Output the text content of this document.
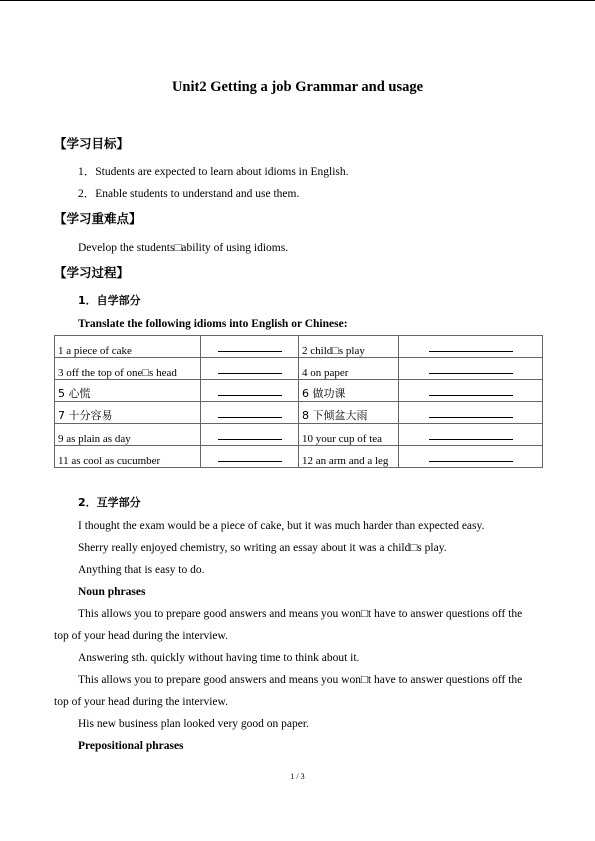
Unit2 Getting a job Grammar and usage
【学习目标】
1．Students are expected to learn about idioms in English.
2．Enable students to understand and use them.
【学习重难点】
Develop the students□ability of using idioms.
【学习过程】
1．自学部分
Translate the following idioms into English or Chinese:
1 a piece of cake		2 child□s play	
3 off the top of one□s head		4 on paper	
5 心慌		6 做功课	
7 十分容易		8 下倾盆大雨	
9 as plain as day		10 your cup of tea	
11 as cool as cucumber		12 an arm and a leg	
2．互学部分
I thought the exam would be a piece of cake, but it was much harder than expected easy.
Sherry really enjoyed chemistry, so writing an essay about it was a child□s play.
Anything that is easy to do.
Noun phrases
This allows you to prepare good answers and means you won□t have to answer questions off the
top of your head during the interview.
Answering sth. quickly without having time to think about it.
This allows you to prepare good answers and means you won□t have to answer questions off the
top of your head during the interview.
His new business plan looked very good on paper.
Prepositional phrases
1 / 3
